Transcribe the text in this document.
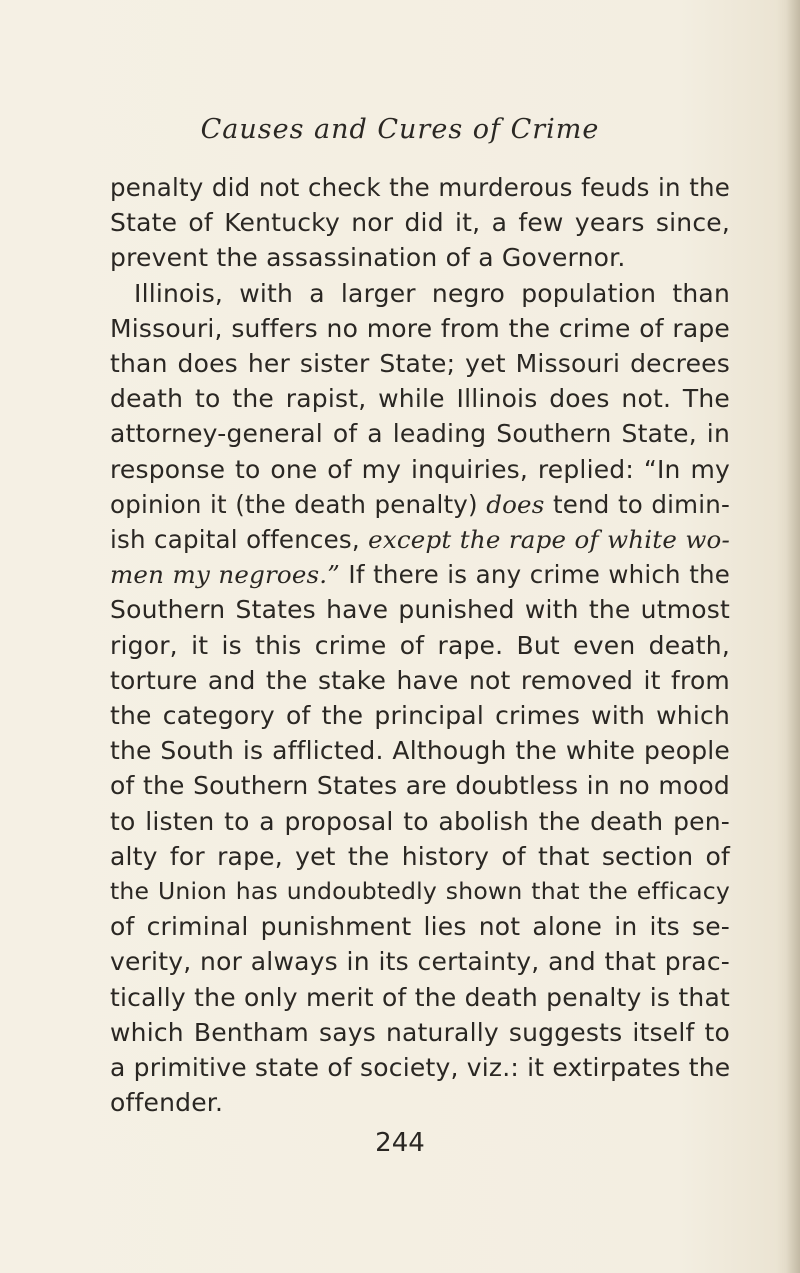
Causes and Cures of Crime
penalty did not check the murderous feuds in the
State of Kentucky nor did it, a few years since,
prevent the assassination of a Governor.
Illinois, with a larger negro population than
Missouri, suffers no more from the crime of rape
than does her sister State; yet Missouri decrees
death to the rapist, while Illinois does not. The
attorney-general of a leading Southern State, in
response to one of my inquiries, replied: “In my
opinion it (the death penalty) does tend to dimin-
ish capital offences, except the rape of white wo-
men my negroes.” If there is any crime which the
Southern States have punished with the utmost
rigor, it is this crime of rape. But even death,
torture and the stake have not removed it from
the category of the principal crimes with which
the South is afflicted. Although the white people
of the Southern States are doubtless in no mood
to listen to a proposal to abolish the death pen-
alty for rape, yet the history of that section of
the Union has undoubtedly shown that the efficacy
of criminal punishment lies not alone in its se-
verity, nor always in its certainty, and that prac-
tically the only merit of the death penalty is that
which Bentham says naturally suggests itself to
a primitive state of society, viz.: it extirpates the
offender.
244
